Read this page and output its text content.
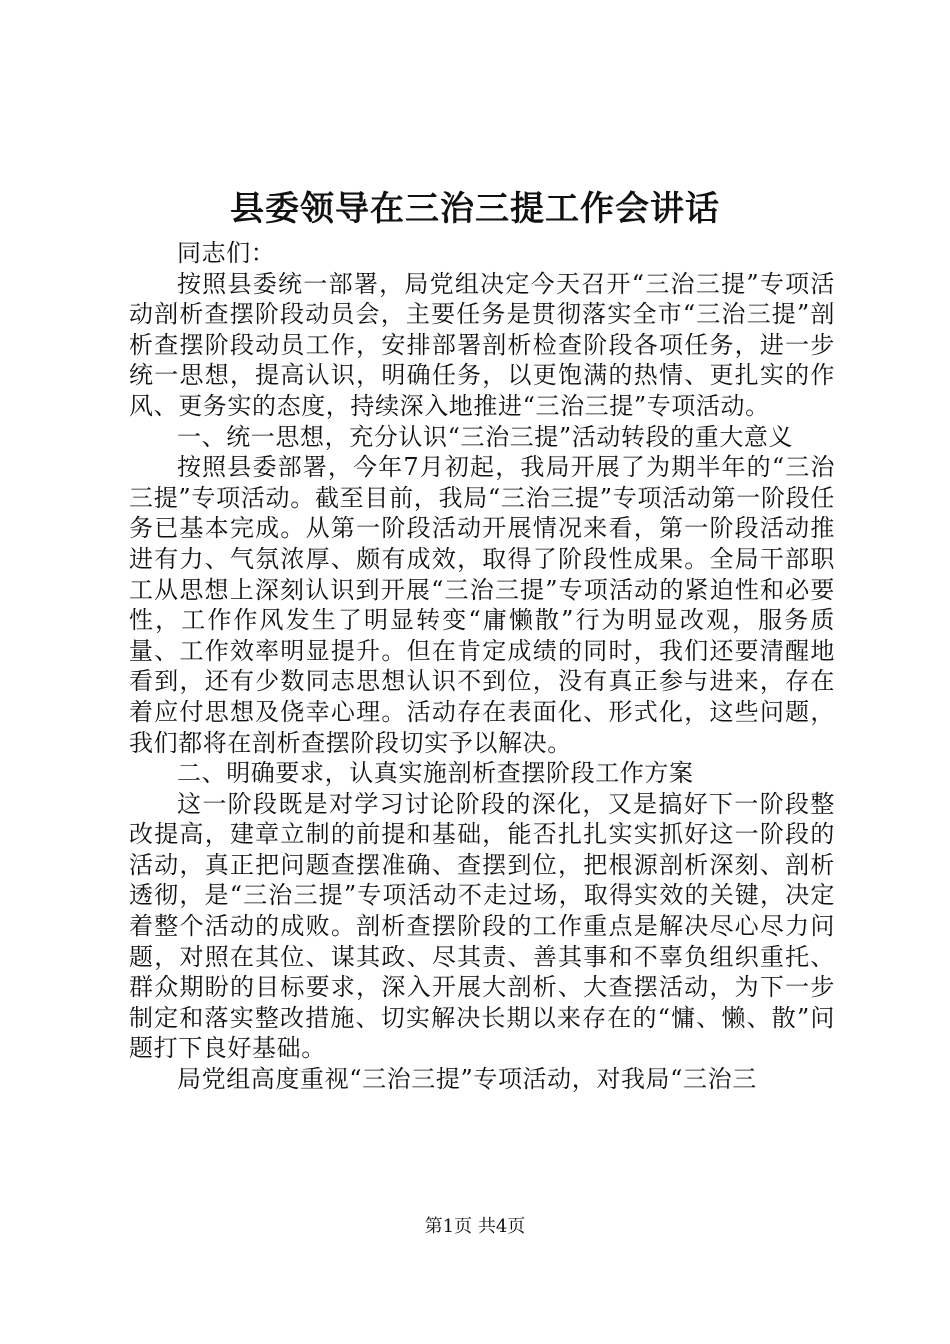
县委领导在三治三提工作会讲话

同志们：

按照县委统一部署，局党组决定今天召开“三治三提”专项活动剖析查摆阶段动员会，主要任务是贯彻落实全市“三治三提”剖析查摆阶段动员工作，安排部署剖析检查阶段各项任务，进一步统一思想，提高认识，明确任务，以更饱满的热情、更扎实的作风、更务实的态度，持续深入地推进“三治三提”专项活动。

一、统一思想，充分认识“三治三提”活动转段的重大意义

按照县委部署，今年7月初起，我局开展了为期半年的“三治三提”专项活动。截至目前，我局“三治三提”专项活动第一阶段任务已基本完成。从第一阶段活动开展情况来看，第一阶段活动推进有力、气氛浓厚、颇有成效，取得了阶段性成果。全局干部职工从思想上深刻认识到开展“三治三提”专项活动的紧迫性和必要性，工作作风发生了明显转变“庸懒散”行为明显改观，服务质量、工作效率明显提升。但在肯定成绩的同时，我们还要清醒地看到，还有少数同志思想认识不到位，没有真正参与进来，存在着应付思想及侥幸心理。活动存在表面化、形式化，这些问题，我们都将在剖析查摆阶段切实予以解决。

二、明确要求，认真实施剖析查摆阶段工作方案

这一阶段既是对学习讨论阶段的深化，又是搞好下一阶段整改提高，建章立制的前提和基础，能否扎扎实实抓好这一阶段的活动，真正把问题查摆准确、查摆到位，把根源剖析深刻、剖析透彻，是“三治三提”专项活动不走过场，取得实效的关键，决定着整个活动的成败。剖析查摆阶段的工作重点是解决尽心尽力问题，对照在其位、谋其政、尽其责、善其事和不辜负组织重托、群众期盼的目标要求，深入开展大剖析、大查摆活动，为下一步制定和落实整改措施、切实解决长期以来存在的“慵、懒、散”问题打下良好基础。

局党组高度重视“三治三提”专项活动，对我局“三治三

第1页 共4页
